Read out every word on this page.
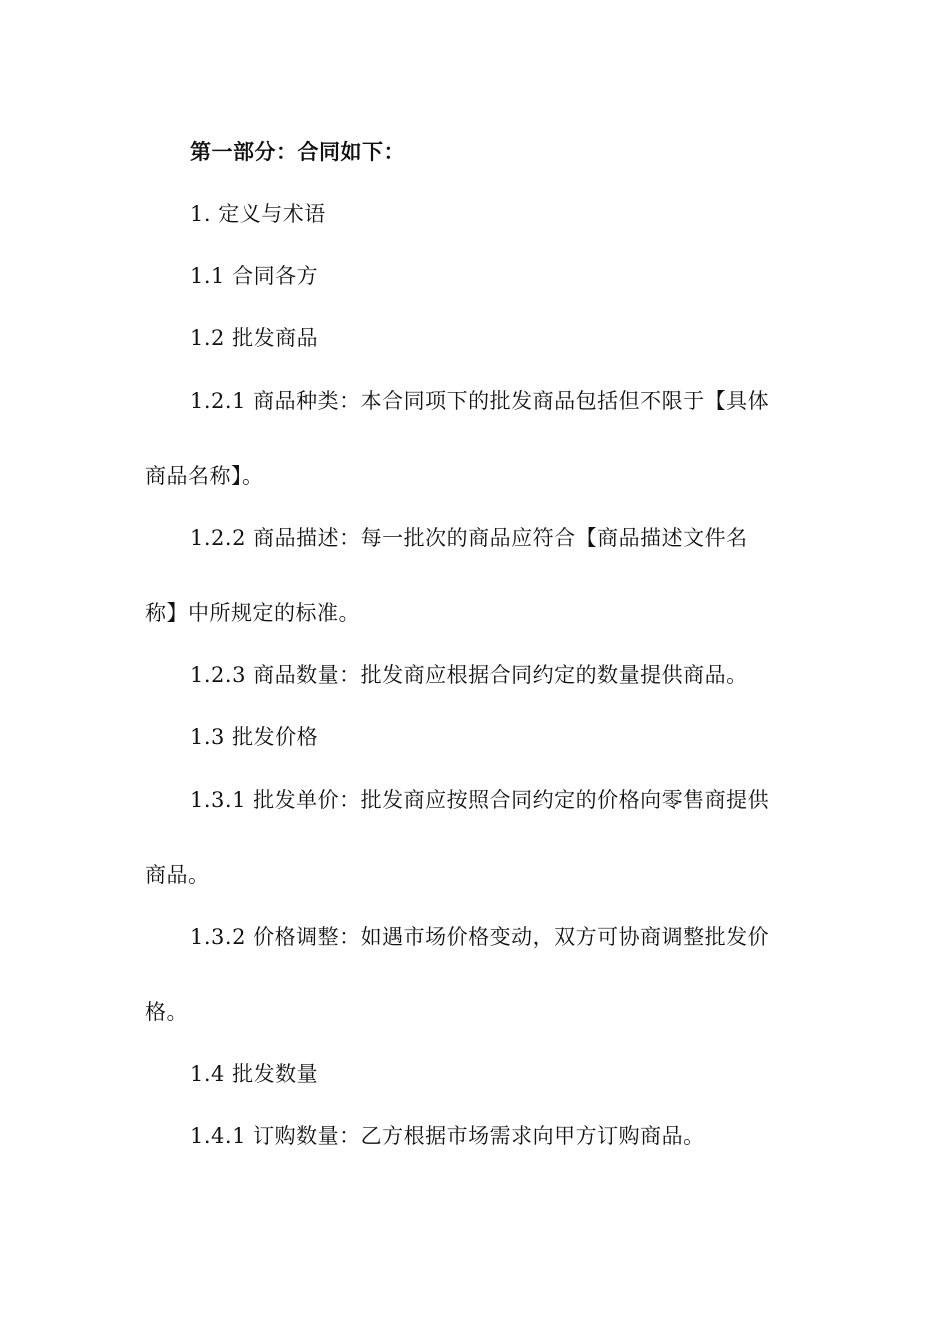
第一部分：合同如下：
1. 定义与术语
1.1 合同各方
1.2 批发商品
1.2.1 商品种类：本合同项下的批发商品包括但不限于【具体
商品名称】。
1.2.2 商品描述：每一批次的商品应符合【商品描述文件名
称】中所规定的标准。
1.2.3 商品数量：批发商应根据合同约定的数量提供商品。
1.3 批发价格
1.3.1 批发单价：批发商应按照合同约定的价格向零售商提供
商品。
1.3.2 价格调整：如遇市场价格变动，双方可协商调整批发价
格。
1.4 批发数量
1.4.1 订购数量：乙方根据市场需求向甲方订购商品。
